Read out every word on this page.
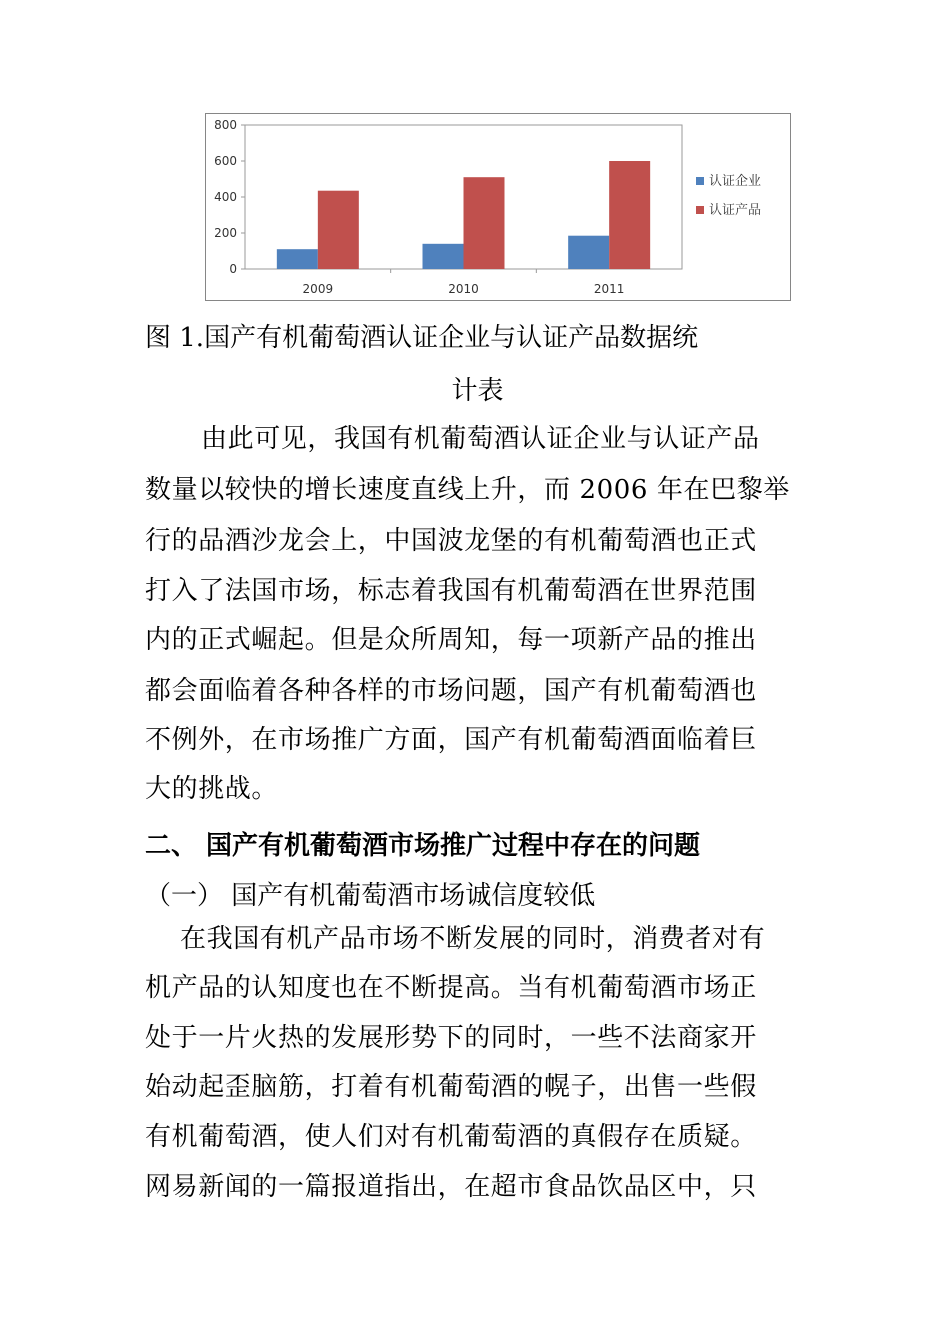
800
600
400
200
0
2009	2010	2011
认证企业
认证产品
图 1.国产有机葡萄酒认证企业与认证产品数据统
计表
由此可见，我国有机葡萄酒认证企业与认证产品
数量以较快的增长速度直线上升，而 2006 年在巴黎举
行的品酒沙龙会上，中国波龙堡的有机葡萄酒也正式
打入了法国市场，标志着我国有机葡萄酒在世界范围
内的正式崛起。但是众所周知，每一项新产品的推出
都会面临着各种各样的市场问题，国产有机葡萄酒也
不例外，在市场推广方面，国产有机葡萄酒面临着巨
大的挑战。
二、 国产有机葡萄酒市场推广过程中存在的问题
（一） 国产有机葡萄酒市场诚信度较低
在我国有机产品市场不断发展的同时，消费者对有
机产品的认知度也在不断提高。当有机葡萄酒市场正
处于一片火热的发展形势下的同时，一些不法商家开
始动起歪脑筋，打着有机葡萄酒的幌子，出售一些假
有机葡萄酒，使人们对有机葡萄酒的真假存在质疑。
网易新闻的一篇报道指出，在超市食品饮品区中，只
